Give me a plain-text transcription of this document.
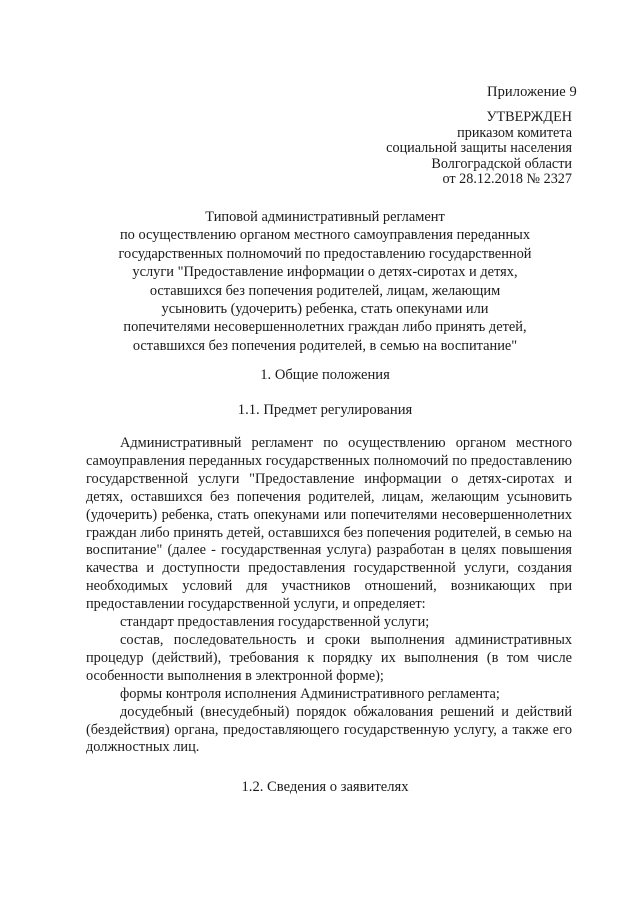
Приложение 9
УТВЕРЖДЕН
приказом комитета
социальной защиты населения
Волгоградской области
от 28.12.2018 № 2327
Типовой административный регламент
по осуществлению органом местного самоуправления переданных
государственных полномочий по предоставлению государственной
услуги "Предоставление информации о детях-сиротах и детях,
оставшихся без попечения родителей, лицам, желающим
усыновить (удочерить) ребенка, стать опекунами или
попечителями несовершеннолетних граждан либо принять детей,
оставшихся без попечения родителей, в семью на воспитание"
1. Общие положения
1.1. Предмет регулирования

Административный регламент по осуществлению органом местного самоуправления переданных государственных полномочий по предоставлению государственной услуги "Предоставление информации о детях-сиротах и детях, оставшихся без попечения родителей, лицам, желающим усыновить (удочерить) ребенка, стать опекунами или попечителями несовершеннолетних граждан либо принять детей, оставшихся без попечения родителей, в семью на воспитание" (далее - государственная услуга) разработан в целях повышения качества и доступности предоставления государственной услуги, создания необходимых условий для участников отношений, возникающих при предоставлении государственной услуги, и определяет:

стандарт предоставления государственной услуги;

состав, последовательность и сроки выполнения административных процедур (действий), требования к порядку их выполнения (в том числе особенности выполнения в электронной форме);

формы контроля исполнения Административного регламента;

досудебный (внесудебный) порядок обжалования решений и действий (бездействия) органа, предоставляющего государственную услугу, а также его должностных лиц.

1.2. Сведения о заявителях
